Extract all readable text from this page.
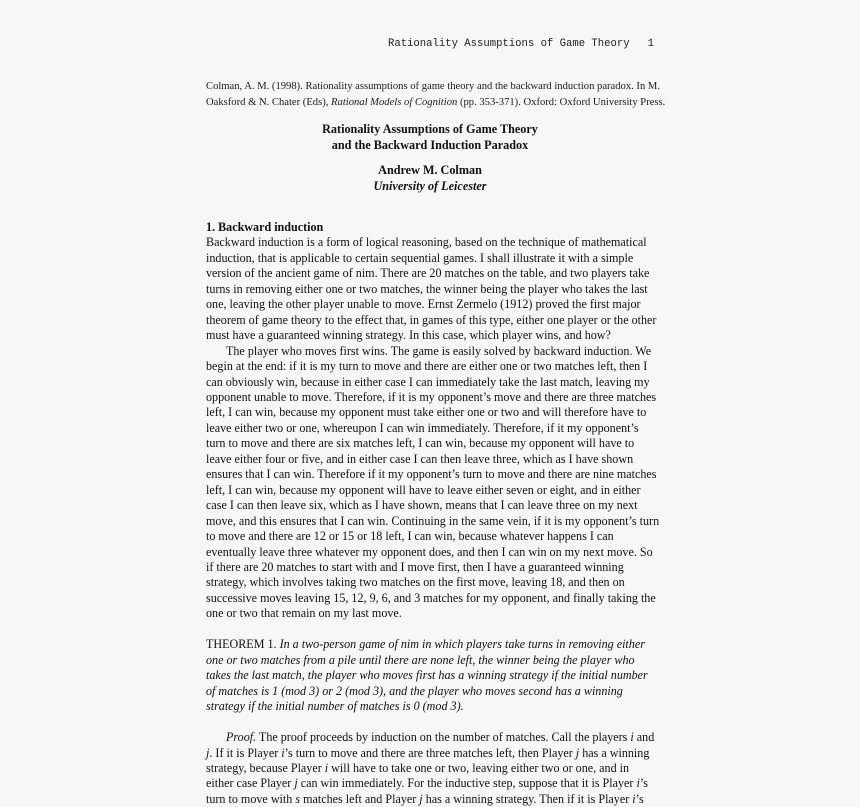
Rationality Assumptions of Game Theory 1
Colman, A. M. (1998). Rationality assumptions of game theory and the backward induction paradox. In M.
Oaksford & N. Chater (Eds), Rational Models of Cognition (pp. 353-371). Oxford: Oxford University Press.
Rationality Assumptions of Game Theory
and the Backward Induction Paradox
Andrew M. Colman
University of Leicester

1. Backward induction

Backward induction is a form of logical reasoning, based on the technique of mathematical
induction, that is applicable to certain sequential games. I shall illustrate it with a simple
version of the ancient game of nim. There are 20 matches on the table, and two players take
turns in removing either one or two matches, the winner being the player who takes the last
one, leaving the other player unable to move. Ernst Zermelo (1912) proved the first major
theorem of game theory to the effect that, in games of this type, either one player or the other
must have a guaranteed winning strategy. In this case, which player wins, and how?

The player who moves first wins. The game is easily solved by backward induction. We
begin at the end: if it is my turn to move and there are either one or two matches left, then I
can obviously win, because in either case I can immediately take the last match, leaving my
opponent unable to move. Therefore, if it is my opponent’s move and there are three matches
left, I can win, because my opponent must take either one or two and will therefore have to
leave either two or one, whereupon I can win immediately. Therefore, if it my opponent’s
turn to move and there are six matches left, I can win, because my opponent will have to
leave either four or five, and in either case I can then leave three, which as I have shown
ensures that I can win. Therefore if it my opponent’s turn to move and there are nine matches
left, I can win, because my opponent will have to leave either seven or eight, and in either
case I can then leave six, which as I have shown, means that I can leave three on my next
move, and this ensures that I can win. Continuing in the same vein, if it is my opponent’s turn
to move and there are 12 or 15 or 18 left, I can win, because whatever happens I can
eventually leave three whatever my opponent does, and then I can win on my next move. So
if there are 20 matches to start with and I move first, then I have a guaranteed winning
strategy, which involves taking two matches on the first move, leaving 18, and then on
successive moves leaving 15, 12, 9, 6, and 3 matches for my opponent, and finally taking the
one or two that remain on my last move.

THEOREM 1. In a two-person game of nim in which players take turns in removing either
one or two matches from a pile until there are none left, the winner being the player who
takes the last match, the player who moves first has a winning strategy if the initial number
of matches is 1 (mod 3) or 2 (mod 3), and the player who moves second has a winning
strategy if the initial number of matches is 0 (mod 3).

Proof. The proof proceeds by induction on the number of matches. Call the players i and
j. If it is Player i’s turn to move and there are three matches left, then Player j has a winning
strategy, because Player i will have to take one or two, leaving either two or one, and in
either case Player j can win immediately. For the inductive step, suppose that it is Player i’s
turn to move with s matches left and Player j has a winning strategy. Then if it is Player i’s
